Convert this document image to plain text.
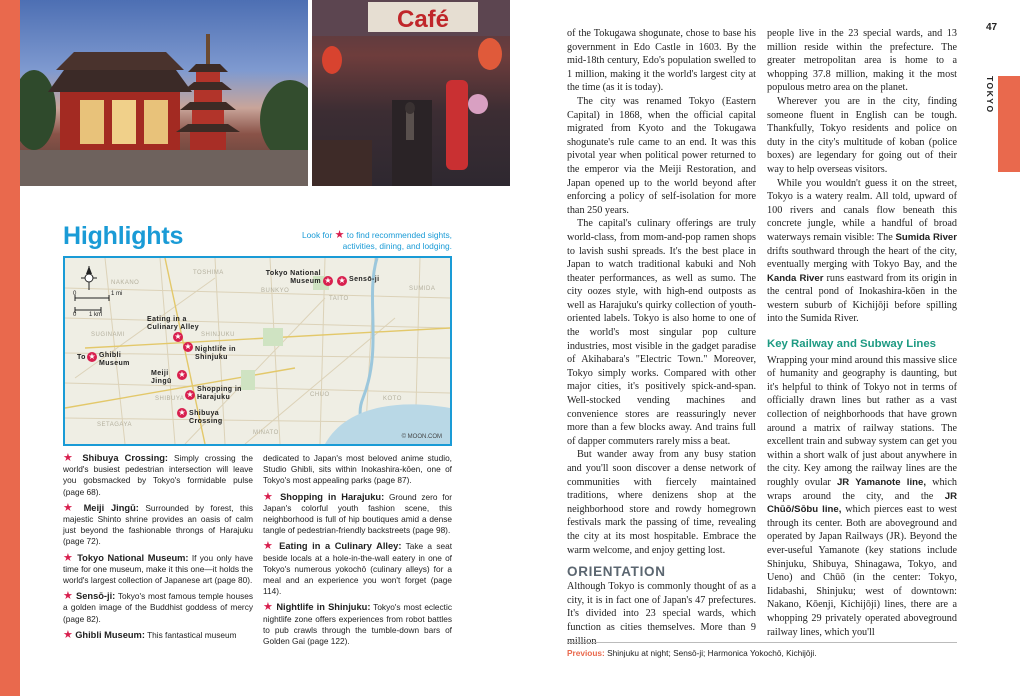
Café
Highlights	Look for ★ to find recommended sights, activities, dining, and lodging.
0	1 mi
0 1 km
TOSHIMA
NAKANO
BUNKYO
TAITO
SUMIDA
SUGINAMI	SHINJUKU
SHIBUYA
CHUO
KOTO
SETAGAYA
MINATO
★
Tokyo National Museum ★ Sensō-ji
★
Eating in a Culinary Alley
★ Nightlife in Shinjuku
To ★ Ghibli Museum
★
Meiji Jingū
★
Shopping in Harajuku
★ Shibuya Crossing
© MOON.COM
★ Shibuya Crossing: Simply crossing the world's busiest pedestrian intersection will leave you gobsmacked by Tokyo's formidable pulse (page 68).
★ Meiji Jingū: Surrounded by forest, this majestic Shinto shrine provides an oasis of calm just beyond the fashionable throngs of Harajuku (page 72).
★ Tokyo National Museum: If you only have time for one museum, make it this one—it holds the world's largest collection of Japanese art (page 80).
★ Sensō-ji: Tokyo's most famous temple houses a golden image of the Buddhist goddess of mercy (page 82).
★ Ghibli Museum: This fantastical museum
dedicated to Japan's most beloved anime studio, Studio Ghibli, sits within Inokashira-kōen, one of Tokyo's most appealing parks (page 87).
★ Shopping in Harajuku: Ground zero for Japan's colorful youth fashion scene, this neighborhood is full of hip boutiques amid a dense tangle of pedestrian-friendly backstreets (page 98).
★ Eating in a Culinary Alley: Take a seat beside locals at a hole-in-the-wall eatery in one of Tokyo's numerous yokochō (culinary alleys) for a meal and an experience you won't forget (page 114).
★ Nightlife in Shinjuku: Tokyo's most eclectic nightlife zone offers experiences from robot battles to pub crawls through the tumble-down bars of Golden Gai (page 122).

of the Tokugawa shogunate, chose to base his government in Edo Castle in 1603. By the mid-18th century, Edo's population swelled to 1 million, making it the world's largest city at the time (as it is today).

The city was renamed Tokyo (Eastern Capital) in 1868, when the official capital migrated from Kyoto and the Tokugawa shogunate's rule came to an end. It was this pivotal year when political power returned to the emperor via the Meiji Restoration, and Japan opened up to the world beyond after enforcing a policy of self-isolation for more than 250 years.

The capital's culinary offerings are truly world-class, from mom-and-pop ramen shops to lavish sushi spreads. It's the best place in Japan to watch traditional kabuki and Noh theater performances, as well as sumo. The city oozes style, with high-end outposts as well as Harajuku's quirky collection of youth-oriented labels. Tokyo is also home to one of the world's most singular pop culture industries, most visible in the gadget paradise of Akihabara's "Electric Town." Moreover, Tokyo simply works. Compared with other major cities, it's positively spick-and-span. Well-stocked vending machines and convenience stores are reassuringly never more than a few blocks away. And trains full of dapper commuters rarely miss a beat.

But wander away from any busy station and you'll soon discover a dense network of communities with fiercely maintained traditions, where denizens shop at the neighborhood store and rowdy homegrown festivals mark the passing of time, revealing the city at its most hospitable. Embrace the warm welcome, and enjoy getting lost.

ORIENTATION

Although Tokyo is commonly thought of as a city, it is in fact one of Japan's 47 prefectures. It's divided into 23 special wards, which function as cities themselves. More than 9

people live in the 23 special wards, and 13 million reside within the prefecture. The greater metropolitan area is home to a whopping 37.8 million, making it the most populous metro area on the planet.

Wherever you are in the city, finding someone fluent in English can be tough. Thankfully, Tokyo residents and police on duty in the city's multitude of koban (police boxes) are legendary for going out of their way to help overseas visitors.

While you wouldn't guess it on the street, Tokyo is a watery realm. All told, upward of 100 rivers and canals flow beneath this concrete jungle, while a handful of broad waterways remain visible: The Sumida River drifts southward through the heart of the city, eventually merging with Tokyo Bay, and the Kanda River runs eastward from its origin in the central pond of Inokashira-kōen in the western suburb of Kichijōji before spilling into the Sumida River.

Key Railway and Subway Lines

Wrapping your mind around this massive slice of humanity and geography is daunting, but it's helpful to think of Tokyo not in terms of officially drawn lines but rather as a vast collection of neighborhoods that have grown around a matrix of railway stations. The excellent train and subway system can get you within a short walk of just about anywhere in the city. Key among the railway lines are the roughly ovular JR Yamanote line, which wraps around the city, and the JR Chūō/Sōbu line, which pierces east to west through its center. Both are aboveground and operated by Japan Railways (JR). Beyond the ever-useful Yamanote (key stations include Shinjuku, Shibuya, Shinagawa, Tokyo, and Ueno) and Chūō (in the center: Tokyo, Iidabashi, Shinjuku; west of downtown: Nakano, Kōenji, Kichijōji) lines, there are a whopping 29 privately operated aboveground railway lines, which you'll

47
TOKYO
Previous: Shinjuku at night; Sensō-ji; Harmonica Yokochō, Kichijōji.
